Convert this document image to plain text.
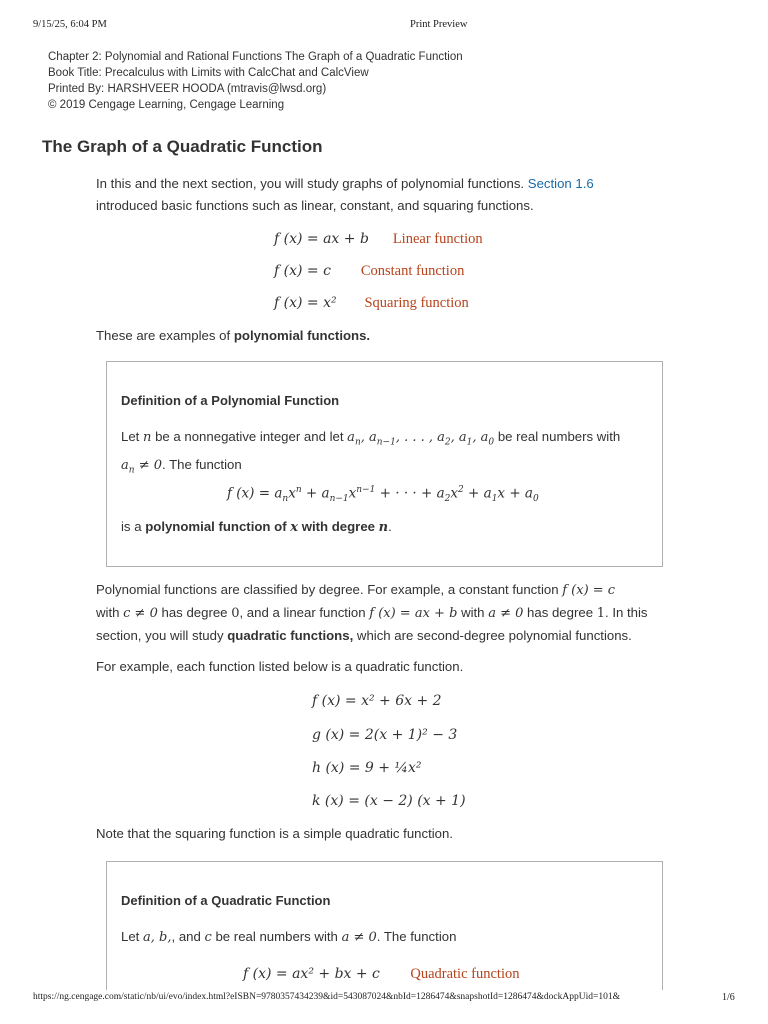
9/15/25, 6:04 PM	Print Preview
Chapter 2: Polynomial and Rational Functions The Graph of a Quadratic Function
Book Title: Precalculus with Limits with CalcChat and CalcView
Printed By: HARSHVEER HOODA (mtravis@lwsd.org)
© 2019 Cengage Learning, Cengage Learning
The Graph of a Quadratic Function
In this and the next section, you will study graphs of polynomial functions. Section 1.6
introduced basic functions such as linear, constant, and squaring functions.
f (x) = ax + b Linear function
f (x) = c Constant function
f (x) = x² Squaring function
These are examples of polynomial functions.
Definition of a Polynomial Function
Let n be a nonnegative integer and let $a_n$, $a_{n-1}$, . . . , $a_2$, $a_1$, $a_0$ be real numbers with
$a_n \ne 0$. The function
f $(x) = a_nx^n + a_{n-1}x^{n-1}$ + · · · + $a_2x^2 + a_1x + a_0$
is a polynomial function of x with degree n.
Polynomial functions are classified by degree. For example, a constant function f (x) = c
with c ≠ 0 has degree 0, and a linear function f (x) = ax + b with a ≠ 0 has degree 1. In this
section, you will study quadratic functions, which are second-degree polynomial functions.
For example, each function listed below is a quadratic function.
f (x) = x² + 6x + 2
g (x) = 2(x + 1)² − 3
h (x) = 9 + ¼x²
k (x) = (x − 2) (x + 1)
Note that the squaring function is a simple quadratic function.
Definition of a Quadratic Function
Let a, b,, and c be real numbers with a ≠ 0. The function
f (x) = ax² + bx + c Quadratic function
https://ng.cengage.com/static/nb/ui/evo/index.html?eISBN=9780357434239&id=543087024&nbId=1286474&snapshotId=1286474&dockAppUid=101&	1/6
